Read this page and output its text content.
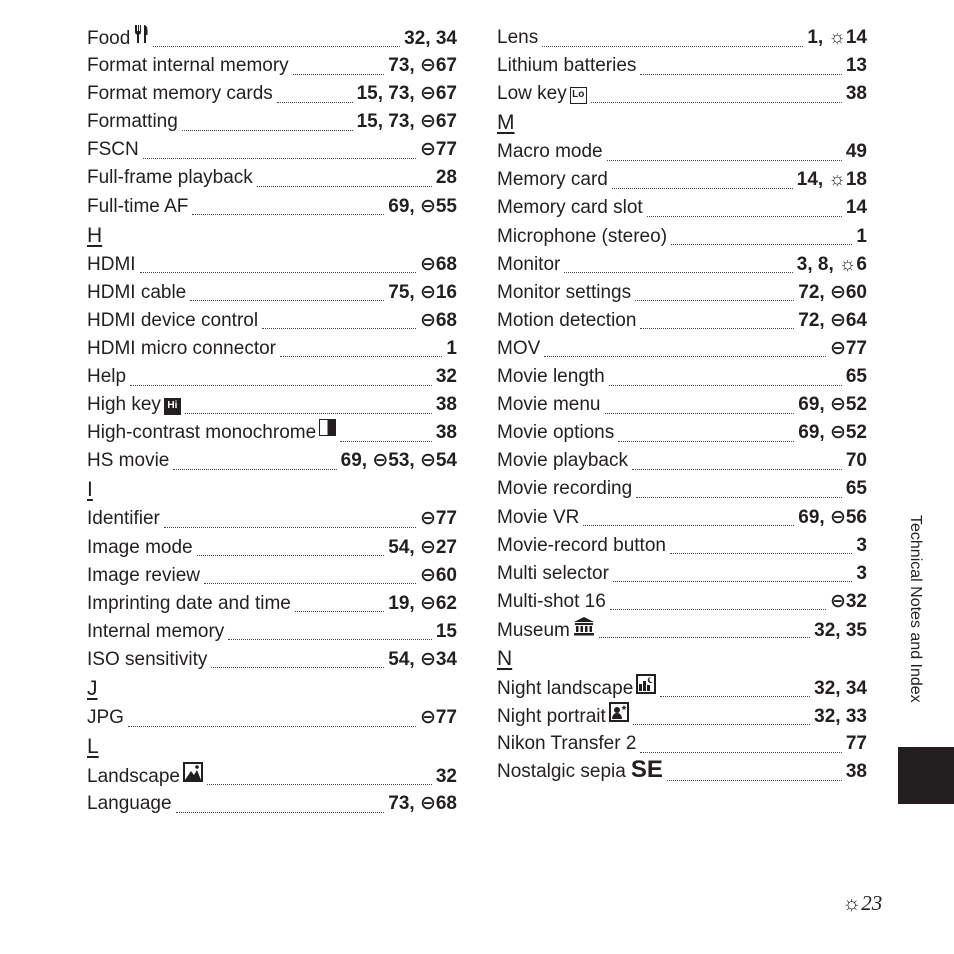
Food	32, 34
Format internal memory	73, ⊖67
Format memory cards	15, 73, ⊖67
Formatting	15, 73, ⊖67
FSCN	⊖77
Full-frame playback	28
Full-time AF	69, ⊖55
H
HDMI	⊖68
HDMI cable	75, ⊖16
HDMI device control	⊖68
HDMI micro connector	1
Help	32
High key Hi	38
High-contrast monochrome	38
HS movie	69, ⊖53, ⊖54
I
Identifier	⊖77
Image mode	54, ⊖27
Image review	⊖60
Imprinting date and time	19, ⊖62
Internal memory	15
ISO sensitivity	54, ⊖34
J
JPG	⊖77
L
Landscape	32
Language	73, ⊖68
Lens	1, ☼14
Lithium batteries	13
Low key Lo	38
M
Macro mode	49
Memory card	14, ☼18
Memory card slot	14
Microphone (stereo)	1
Monitor	3, 8, ☼6
Monitor settings	72, ⊖60
Motion detection	72, ⊖64
MOV	⊖77
Movie length	65
Movie menu	69, ⊖52
Movie options	69, ⊖52
Movie playback	70
Movie recording	65
Movie VR	69, ⊖56
Movie-record button	3
Multi selector	3
Multi-shot 16	⊖32
Museum	32, 35
N
Night landscape	32, 34
Night portrait	32, 33
Nikon Transfer 2	77
Nostalgic sepia SE	38
Technical Notes and Index
☼23
